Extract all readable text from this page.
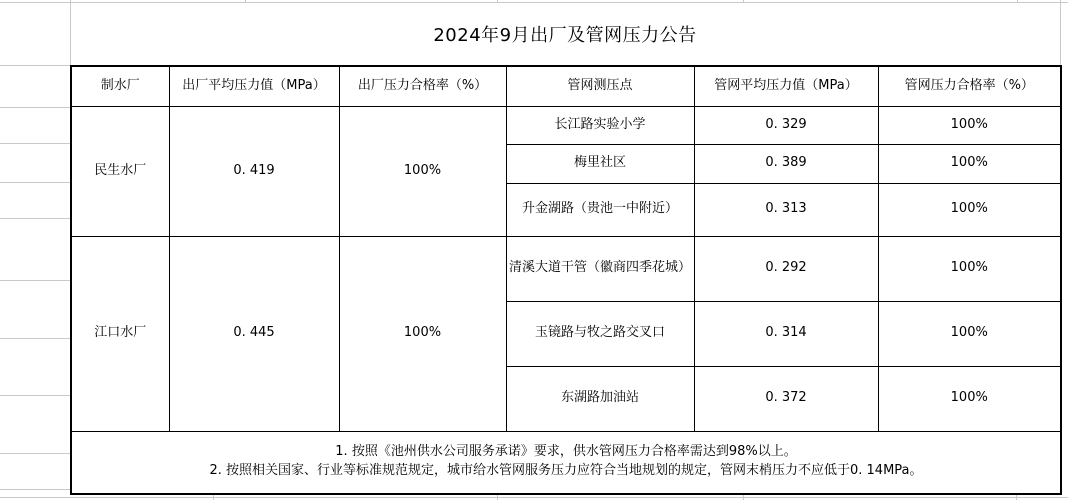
2024年9月出厂及管网压力公告
制水厂	出厂平均压力值（MPa）	出厂压力合格率（%）	管网测压点	管网平均压力值（MPa）	管网压力合格率（%）
民生水厂	0. 419	100%	长江路实验小学	0. 329	100%
			梅里社区	0. 389	100%
			升金湖路（贵池一中附近）	0. 313	100%
江口水厂	0. 445	100%	清溪大道干管（徽商四季花城）	0. 292	100%
			玉镜路与牧之路交叉口	0. 314	100%
			东湖路加油站	0. 372	100%

1. 按照《池州供水公司服务承诺》要求，供水管网压力合格率需达到98%以上。
2. 按照相关国家、行业等标准规范规定，城市给水管网服务压力应符合当地规划的规定，管网末梢压力不应低于0. 14MPa。					
